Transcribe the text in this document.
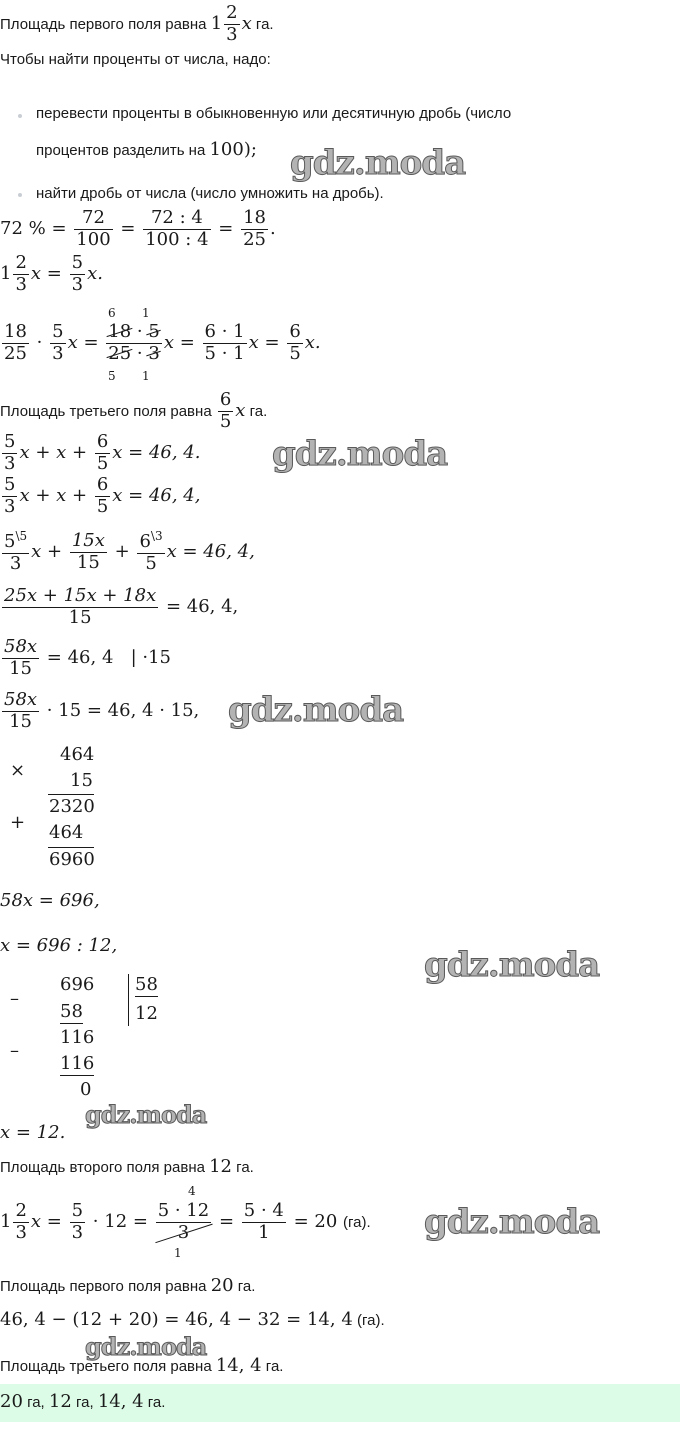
Площадь первого поля равна $1 \frac{2}{3}$ x га.
Чтобы найти проценты от числа, надо:
перевести проценты в обыкновенную или десятичную дробь (число
процентов разделить на 100);
найти дробь от числа (число умножить на дробь).
72 % = $\frac{72}{100} = \frac{72 : 4}{100 : 4} = \frac{18}{25}$ .
$1 \frac{2}{3}$ $x = \frac{5}{3} x$.
6 1
5 1
$\frac{18}{25} \cdot \frac{5}{3}$ $x = \frac{18 \cdot 5}{25 \cdot 3}$ $x = \frac{6 \cdot 1}{5 \cdot 1}$ $x = \frac{6}{5} x$.
Площадь третьего поля равна $\frac{6}{5}$ x га.
$\frac{5}{3}$ $x + x + \frac{6}{5}$ x = 46, 4.
$\frac{5}{3}$ $x + x + \frac{6}{5}$ x = 46, 4,
$\frac{5^{\backslash 5}}{3}$ $x + \frac{15x}{15} + \frac{6^{\backslash 3}}{5}$ x = 46, 4,
$\frac{25x + 15x + 18x}{15} = 46$, 4,
$\frac{58x}{15} = 46$, 4 | ·15
$\frac{58x}{15} \cdot 15 = 46$, 4 · 15,
×
464
15
2320
+ 464
6960
58x = 696,
x = 696 : 12,
–
696
58
–
116
116
0
58
12
x = 12.
Площадь второго поля равна 12 га.
4
1
$1 \frac{2}{3}$ $x = \frac{5}{3} \cdot 12 = \frac{5 \cdot 12}{3} = \frac{5 \cdot 4}{1} = 20$ (га).
Площадь первого поля равна 20 га.
46, 4 − (12 + 20) = 46, 4 − 32 = 14, 4 (га).
Площадь третьего поля равна 14, 4 га.
20 га, 12 га, 14, 4 га.
gdz.moda
gdz.moda
gdz.moda
gdz.moda
gdz.moda
gdz.moda
gdz.moda
